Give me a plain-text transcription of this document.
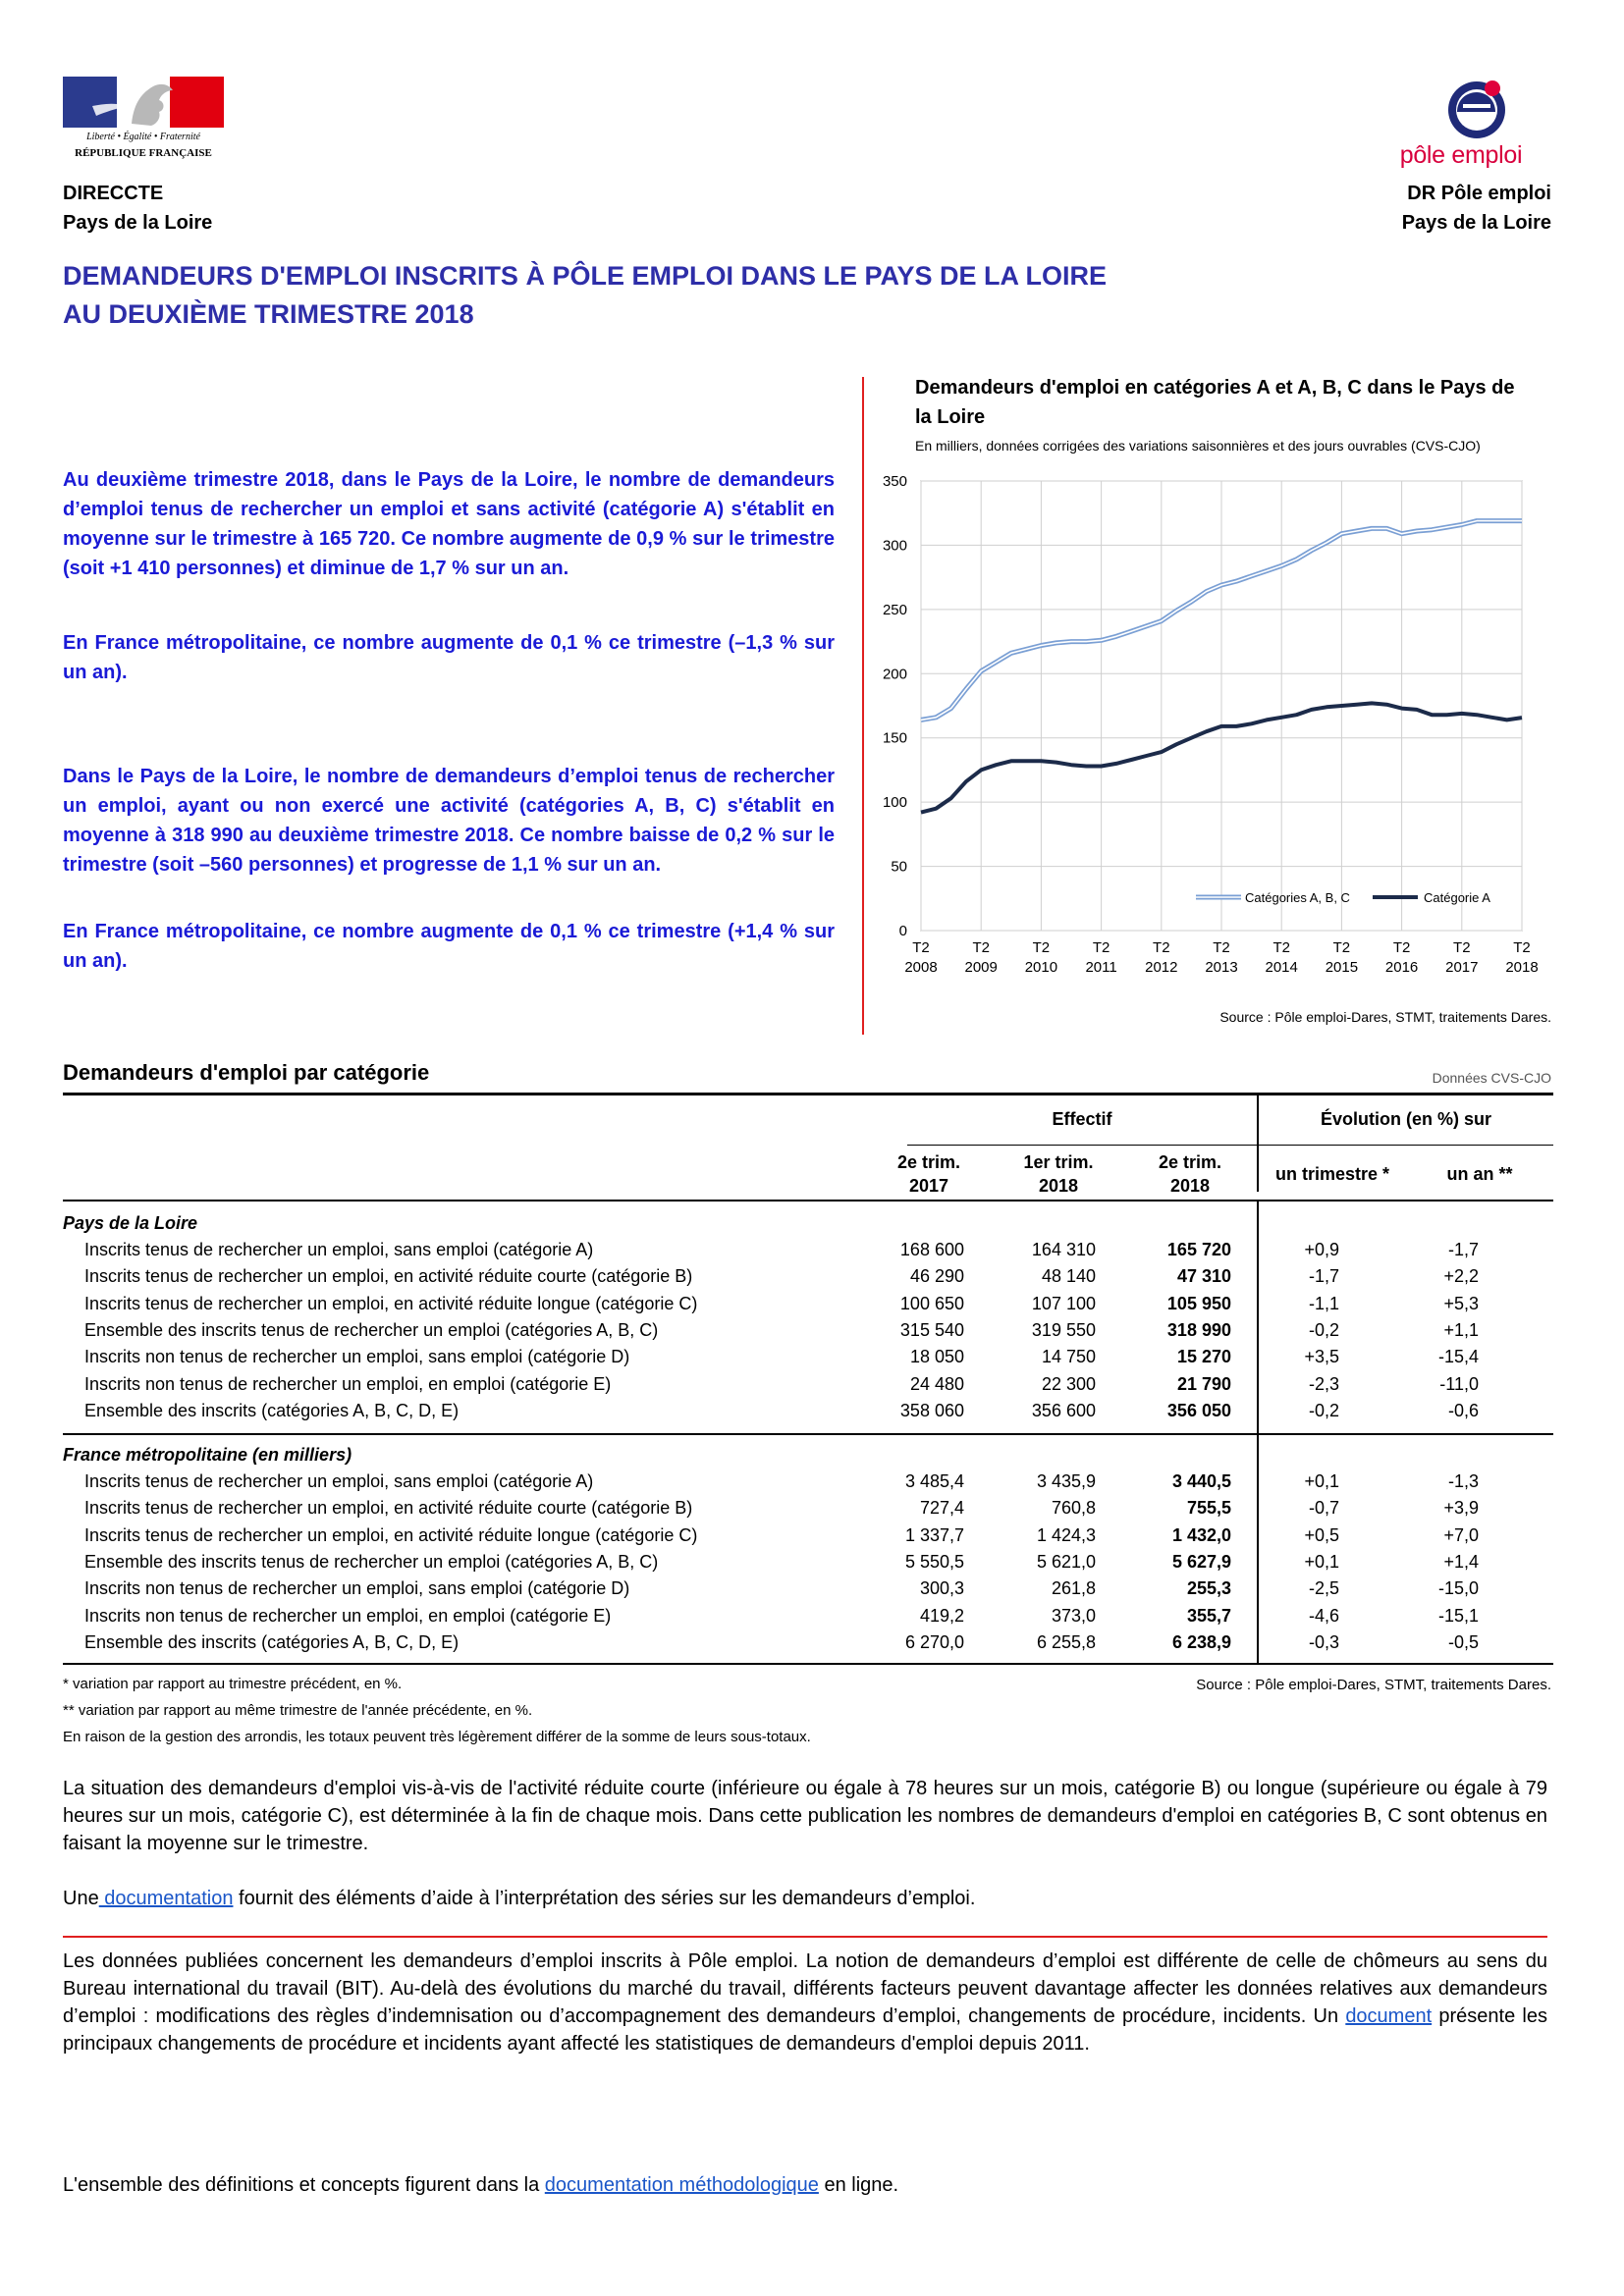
Liberté • Égalité • Fraternité
RÉPUBLIQUE FRANÇAISE	pôle emploi
DIRECCTE
Pays de la Loire
DR Pôle emploi
Pays de la Loire
DEMANDEURS D'EMPLOI INSCRITS À PÔLE EMPLOI DANS LE PAYS DE LA LOIRE
AU DEUXIÈME TRIMESTRE 2018

Au deuxième trimestre 2018, dans le Pays de la Loire, le nombre de demandeurs d’emploi tenus de rechercher un emploi et sans activité (catégorie A) s'établit en moyenne sur le trimestre à 165 720. Ce nombre augmente de 0,9 % sur le trimestre (soit +1 410 personnes) et diminue de 1,7 % sur un an.

En France métropolitaine, ce nombre augmente de 0,1 % ce trimestre (–1,3 % sur un an).

Dans le Pays de la Loire, le nombre de demandeurs d’emploi tenus de rechercher un emploi, ayant ou non exercé une activité (catégories A, B, C) s'établit en moyenne à 318 990 au deuxième trimestre 2018. Ce nombre baisse de 0,2 % sur le trimestre (soit –560 personnes) et progresse de 1,1 % sur un an.

En France métropolitaine, ce nombre augmente de 0,1 % ce trimestre (+1,4 % sur un an).

Demandeurs d'emploi en catégories A et A, B, C dans le Pays de la Loire
En milliers, données corrigées des variations saisonnières et des jours ouvrables (CVS-CJO)
0
50
100
150
200
250
300
350
T2
2008
T2
2009
T2
2010
T2
2011
T2
2012
T2
2013
T2
2014
T2
2015
T2
2016
T2
2017
T2
2018
Catégories A, B, C	Catégorie A
Source : Pôle emploi-Dares, STMT, traitements Dares.
Demandeurs d'emploi par catégorie	Données CVS-CJO
Effectif	Évolution (en %) sur
2e trim.
2017
1er trim.
2018
2e trim.
2018
un trimestre *	un an **
Pays de la Loire
Inscrits tenus de rechercher un emploi, sans emploi (catégorie A)	168 600	164 310	165 720	+0,9	-1,7
Inscrits tenus de rechercher un emploi, en activité réduite courte (catégorie B)	46 290	48 140	47 310	-1,7	+2,2
Inscrits tenus de rechercher un emploi, en activité réduite longue (catégorie C)	100 650	107 100	105 950	-1,1	+5,3
Ensemble des inscrits tenus de rechercher un emploi (catégories A, B, C)	315 540	319 550	318 990	-0,2	+1,1
Inscrits non tenus de rechercher un emploi, sans emploi (catégorie D)	18 050	14 750	15 270	+3,5	-15,4
Inscrits non tenus de rechercher un emploi, en emploi (catégorie E)	24 480	22 300	21 790	-2,3	-11,0
Ensemble des inscrits (catégories A, B, C, D, E)	358 060	356 600	356 050	-0,2	-0,6
France métropolitaine (en milliers)
Inscrits tenus de rechercher un emploi, sans emploi (catégorie A)	3 485,4	3 435,9	3 440,5	+0,1	-1,3
Inscrits tenus de rechercher un emploi, en activité réduite courte (catégorie B)	727,4	760,8	755,5	-0,7	+3,9
Inscrits tenus de rechercher un emploi, en activité réduite longue (catégorie C)	1 337,7	1 424,3	1 432,0	+0,5	+7,0
Ensemble des inscrits tenus de rechercher un emploi (catégories A, B, C)	5 550,5	5 621,0	5 627,9	+0,1	+1,4
Inscrits non tenus de rechercher un emploi, sans emploi (catégorie D)	300,3	261,8	255,3	-2,5	-15,0
Inscrits non tenus de rechercher un emploi, en emploi (catégorie E)	419,2	373,0	355,7	-4,6	-15,1
Ensemble des inscrits (catégories A, B, C, D, E)	6 270,0	6 255,8	6 238,9	-0,3	-0,5
* variation par rapport au trimestre précédent, en %.
** variation par rapport au même trimestre de l'année précédente, en %.
En raison de la gestion des arrondis, les totaux peuvent très légèrement différer de la somme de leurs sous-totaux.
Source : Pôle emploi-Dares, STMT, traitements Dares.

La situation des demandeurs d'emploi vis-à-vis de l'activité réduite courte (inférieure ou égale à 78 heures sur un mois, catégorie B) ou longue (supérieure ou égale à 79 heures sur un mois, catégorie C), est déterminée à la fin de chaque mois. Dans cette publication les nombres de demandeurs d'emploi en catégories B, C sont obtenus en faisant la moyenne sur le trimestre.

Une documentation fournit des éléments d’aide à l’interprétation des séries sur les demandeurs d’emploi.

Les données publiées concernent les demandeurs d’emploi inscrits à Pôle emploi. La notion de demandeurs d’emploi est différente de celle de chômeurs au sens du Bureau international du travail (BIT). Au-delà des évolutions du marché du travail, différents facteurs peuvent davantage affecter les données relatives aux demandeurs d’emploi : modifications des règles d’indemnisation ou d’accompagnement des demandeurs d’emploi, changements de procédure, incidents. Un document présente les principaux changements de procédure et incidents ayant affecté les statistiques de demandeurs d'emploi depuis 2011.

L'ensemble des définitions et concepts figurent dans la documentation méthodologique en ligne.
